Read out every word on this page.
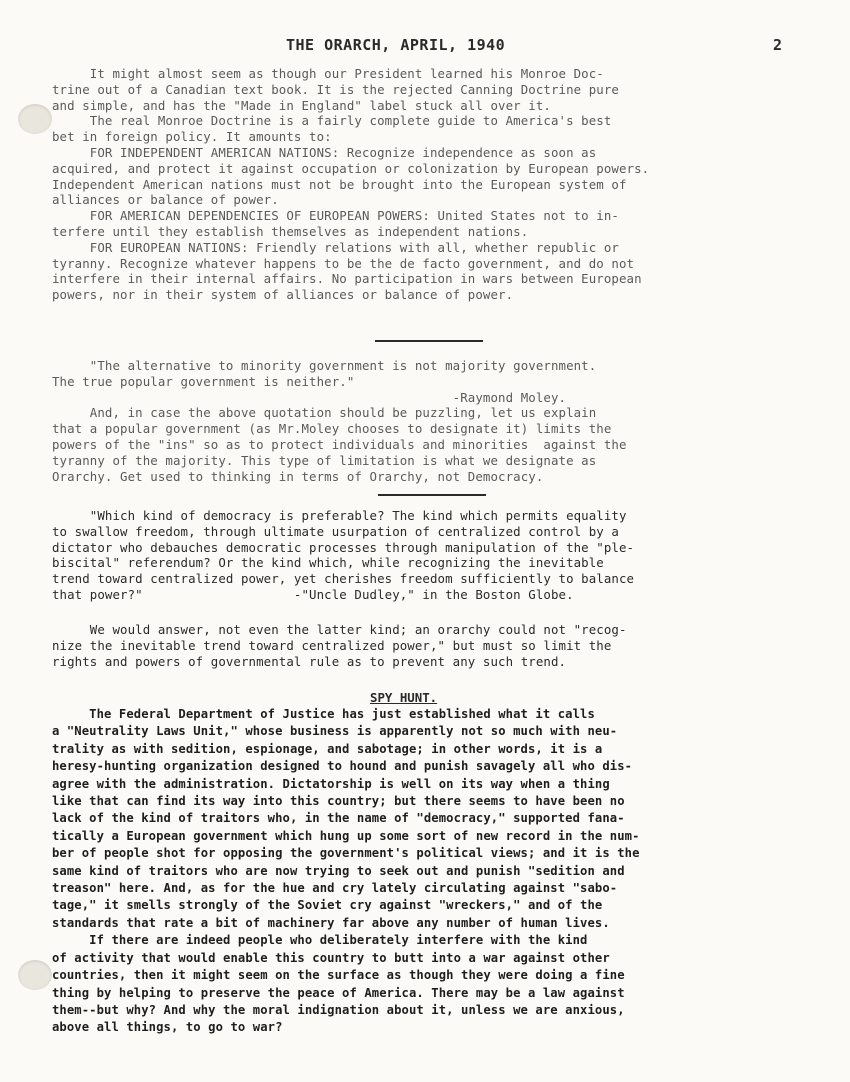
THE ORARCH, APRIL, 1940	2
It might almost seem as though our President learned his Monroe Doc-
trine out of a Canadian text book. It is the rejected Canning Doctrine pure
and simple, and has the "Made in England" label stuck all over it.
The real Monroe Doctrine is a fairly complete guide to America's best
bet in foreign policy. It amounts to:
FOR INDEPENDENT AMERICAN NATIONS: Recognize independence as soon as
acquired, and protect it against occupation or colonization by European powers.
Independent American nations must not be brought into the European system of
alliances or balance of power.
FOR AMERICAN DEPENDENCIES OF EUROPEAN POWERS: United States not to in-
terfere until they establish themselves as independent nations.
FOR EUROPEAN NATIONS: Friendly relations with all, whether republic or
tyranny. Recognize whatever happens to be the de facto government, and do not
interfere in their internal affairs. No participation in wars between European
powers, nor in their system of alliances or balance of power.
"The alternative to minority government is not majority government.
The true popular government is neither."
-Raymond Moley.
And, in case the above quotation should be puzzling, let us explain
that a popular government (as Mr.Moley chooses to designate it) limits the
powers of the "ins" so as to protect individuals and minorities  against the
tyranny of the majority. This type of limitation is what we designate as
Orarchy. Get used to thinking in terms of Orarchy, not Democracy.
"Which kind of democracy is preferable? The kind which permits equality
to swallow freedom, through ultimate usurpation of centralized control by a
dictator who debauches democratic processes through manipulation of the "ple-
biscital" referendum? Or the kind which, while recognizing the inevitable
trend toward centralized power, yet cherishes freedom sufficiently to balance
that power?"                    -"Uncle Dudley," in the Boston Globe.
We would answer, not even the latter kind; an orarchy could not "recog-
nize the inevitable trend toward centralized power," but must so limit the
rights and powers of governmental rule as to prevent any such trend.
SPY HUNT.
The Federal Department of Justice has just established what it calls
a "Neutrality Laws Unit," whose business is apparently not so much with neu-
trality as with sedition, espionage, and sabotage; in other words, it is a
heresy-hunting organization designed to hound and punish savagely all who dis-
agree with the administration. Dictatorship is well on its way when a thing
like that can find its way into this country; but there seems to have been no
lack of the kind of traitors who, in the name of "democracy," supported fana-
tically a European government which hung up some sort of new record in the num-
ber of people shot for opposing the government's political views; and it is the
same kind of traitors who are now trying to seek out and punish "sedition and
treason" here. And, as for the hue and cry lately circulating against "sabo-
tage," it smells strongly of the Soviet cry against "wreckers," and of the
standards that rate a bit of machinery far above any number of human lives.
If there are indeed people who deliberately interfere with the kind
of activity that would enable this country to butt into a war against other
countries, then it might seem on the surface as though they were doing a fine
thing by helping to preserve the peace of America. There may be a law against
them--but why? And why the moral indignation about it, unless we are anxious,
above all things, to go to war?
